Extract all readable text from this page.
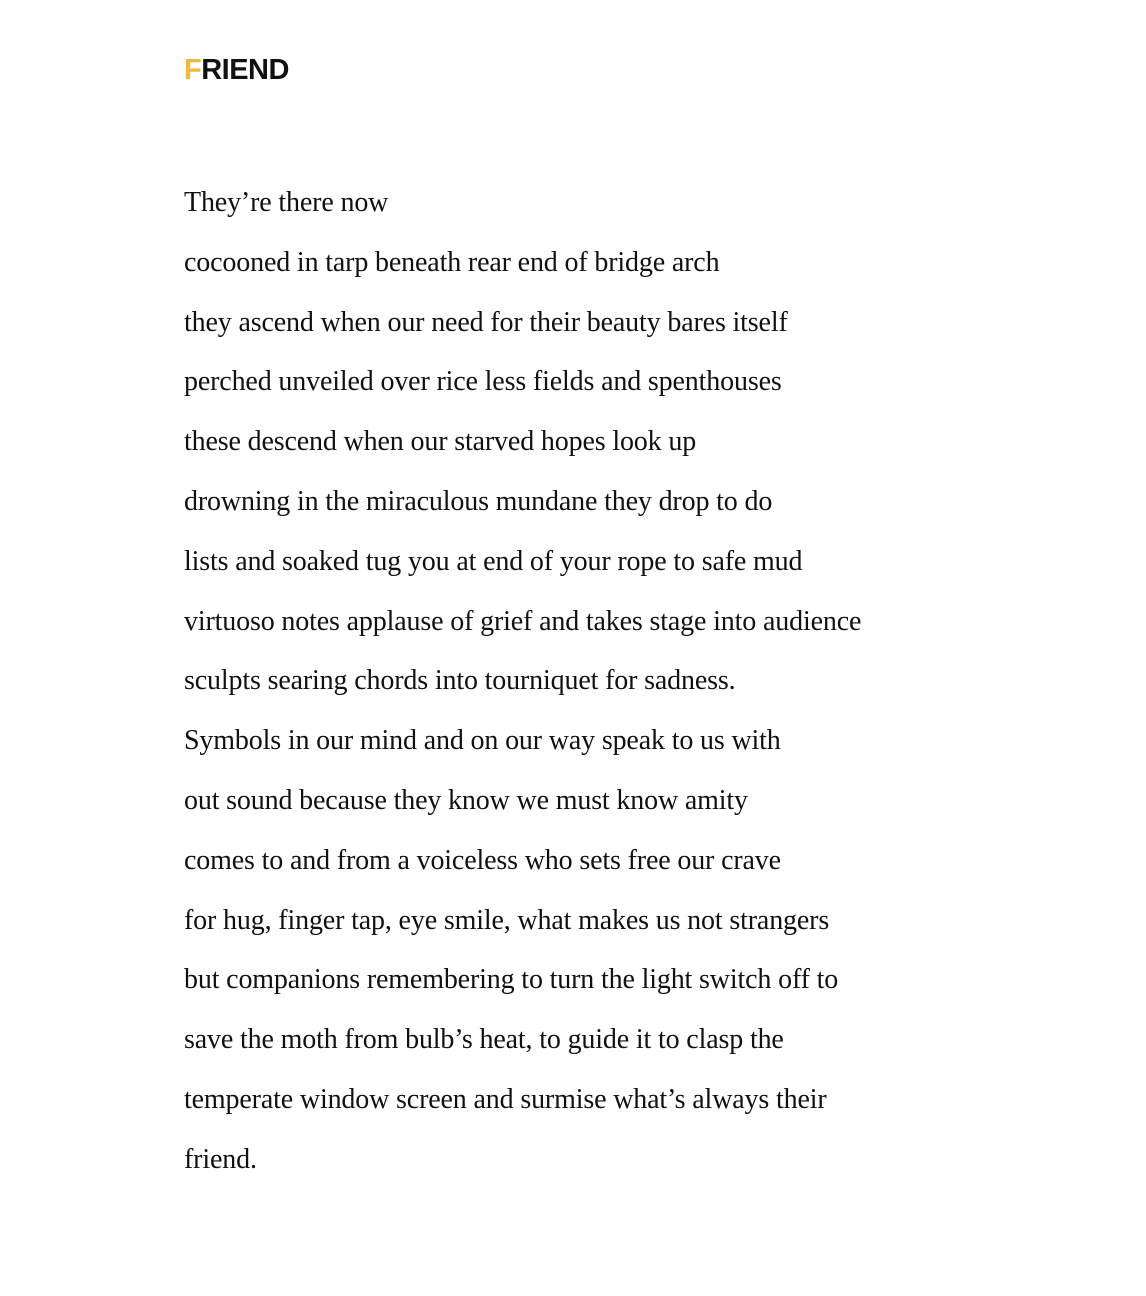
FRIEND
They’re there now
cocooned in tarp beneath rear end of bridge arch
they ascend when our need for their beauty bares itself
perched unveiled over rice less fields and spenthouses
these descend when our starved hopes look up
drowning in the miraculous mundane they drop to do
lists and soaked tug you at end of your rope to safe mud
virtuoso notes applause of grief and takes stage into audience
sculpts searing chords into tourniquet for sadness.
Symbols in our mind and on our way speak to us with
out sound because they know we must know amity
comes to and from a voiceless who sets free our crave
for hug, finger tap, eye smile, what makes us not strangers
but companions remembering to turn the light switch off to
save the moth from bulb’s heat, to guide it to clasp the
temperate window screen and surmise what’s always their
friend.
